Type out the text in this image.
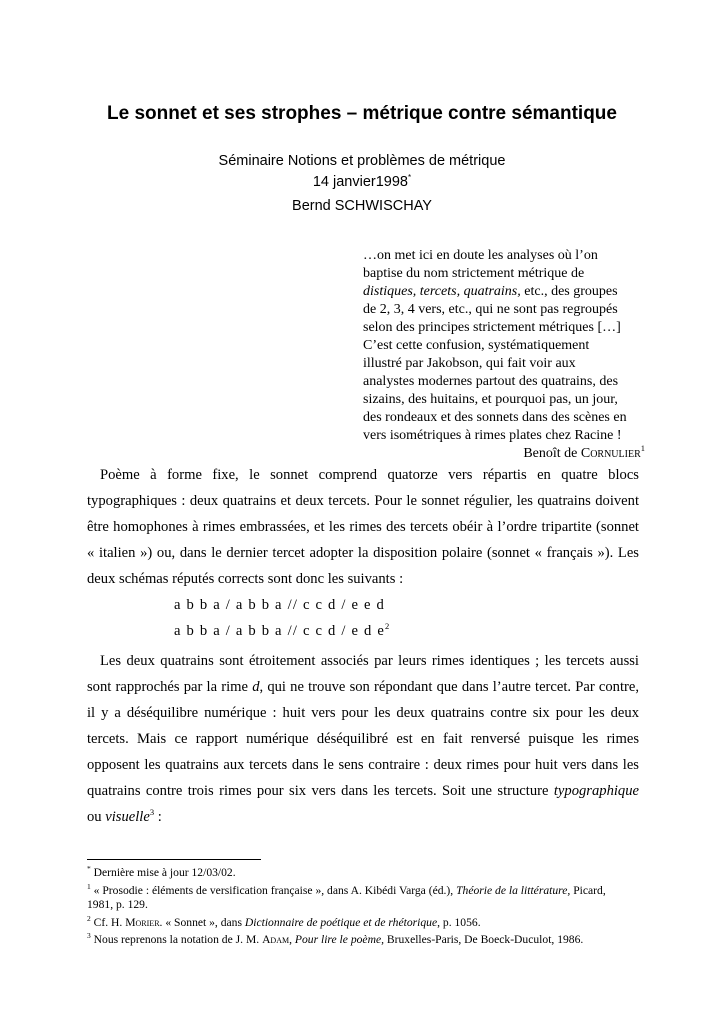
Le sonnet et ses strophes – métrique contre sémantique
Séminaire Notions et problèmes de métrique
14 janvier1998*
Bernd SCHWISCHAY
…on met ici en doute les analyses où l’on
baptise du nom strictement métrique de
distiques, tercets, quatrains, etc., des groupes
de 2, 3, 4 vers, etc., qui ne sont pas regroupés
selon des principes strictement métriques […]
C’est cette confusion, systématiquement
illustré par Jakobson, qui fait voir aux
analystes modernes partout des quatrains, des
sizains, des huitains, et pourquoi pas, un jour,
des rondeaux et des sonnets dans des scènes en
vers isométriques à rimes plates chez Racine !
Benoît de Cornulier$^1$
Poème à forme fixe, le sonnet comprend quatorze vers répartis en quatre blocs
typographiques : deux quatrains et deux tercets. Pour le sonnet régulier, les quatrains doivent
être homophones à rimes embrassées, et les rimes des tercets obéir à l’ordre tripartite (sonnet
« italien ») ou, dans le dernier tercet adopter la disposition polaire (sonnet « français »). Les
deux schémas réputés corrects sont donc les suivants :
a b b a / a b b a // c c d / e e d
a b b a / a b b a // c c d / e d $e^2$
Les deux quatrains sont étroitement associés par leurs rimes identiques ; les tercets aussi
sont rapprochés par la rime d, qui ne trouve son répondant que dans l’autre tercet. Par contre,
il y a déséquilibre numérique : huit vers pour les deux quatrains contre six pour les deux
tercets. Mais ce rapport numérique déséquilibré est en fait renversé puisque les rimes
opposent les quatrains aux tercets dans le sens contraire : deux rimes pour huit vers dans les
quatrains contre trois rimes pour six vers dans les tercets. Soit une structure typographique
ou visuelle$^3$ :
* Dernière mise à jour 12/03/02.
$^1$ « Prosodie : éléments de versification française », dans A. Kibédi Varga (éd.), Théorie de la littérature, Picard,
1981, p. 129.
$^2$ Cf. H. Morier. « Sonnet », dans Dictionnaire de poétique et de rhétorique, p. 1056.
$^3$ Nous reprenons la notation de J. M. Adam, Pour lire le poème, Bruxelles-Paris, De Boeck-Duculot, 1986.
